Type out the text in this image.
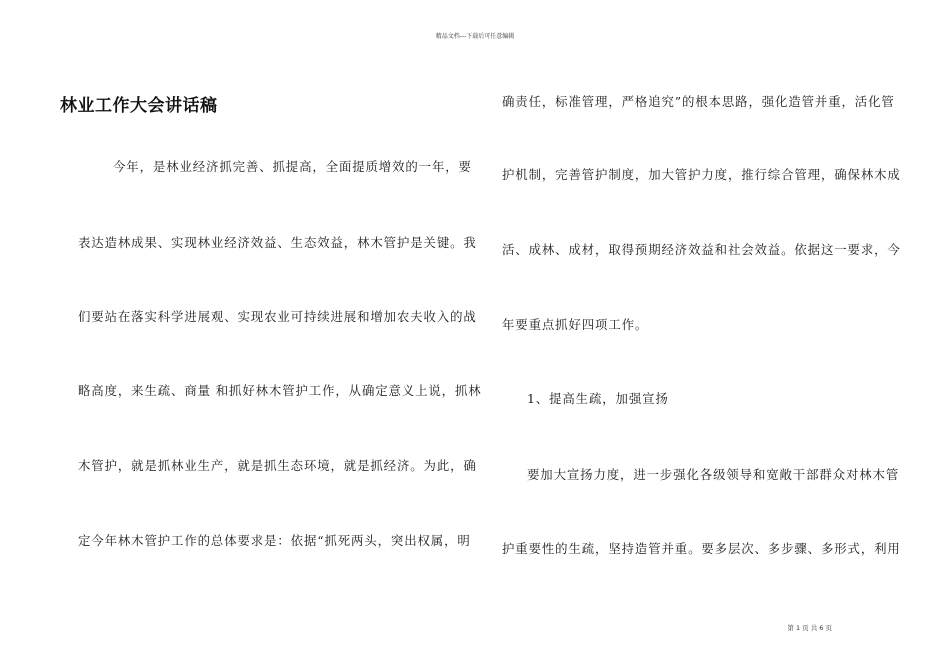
精品文档---下载后可任意编辑
林业工作大会讲话稿
今年，是林业经济抓完善、抓提高，全面提质增效的一年，要
表达造林成果、实现林业经济效益、生态效益，林木管护是关键。我
们要站在落实科学进展观、实现农业可持续进展和增加农夫收入的战
略高度，来生疏、商量 和抓好林木管护工作，从确定意义上说，抓林
木管护，就是抓林业生产，就是抓生态环境，就是抓经济。为此，确
定今年林木管护工作的总体要求是：依据“抓死两头，突出权属，明
确责任，标准管理，严格追究”的根本思路，强化造管并重，活化管
护机制，完善管护制度，加大管护力度，推行综合管理，确保林木成
活、成林、成材，取得预期经济效益和社会效益。依据这一要求，今
年要重点抓好四项工作。
1、提高生疏，加强宣扬
要加大宣扬力度，进一步强化各级领导和宽敞干部群众对林木管
护重要性的生疏，坚持造管并重。要多层次、多步骤、多形式，利用
第 1 页 共 6 页
